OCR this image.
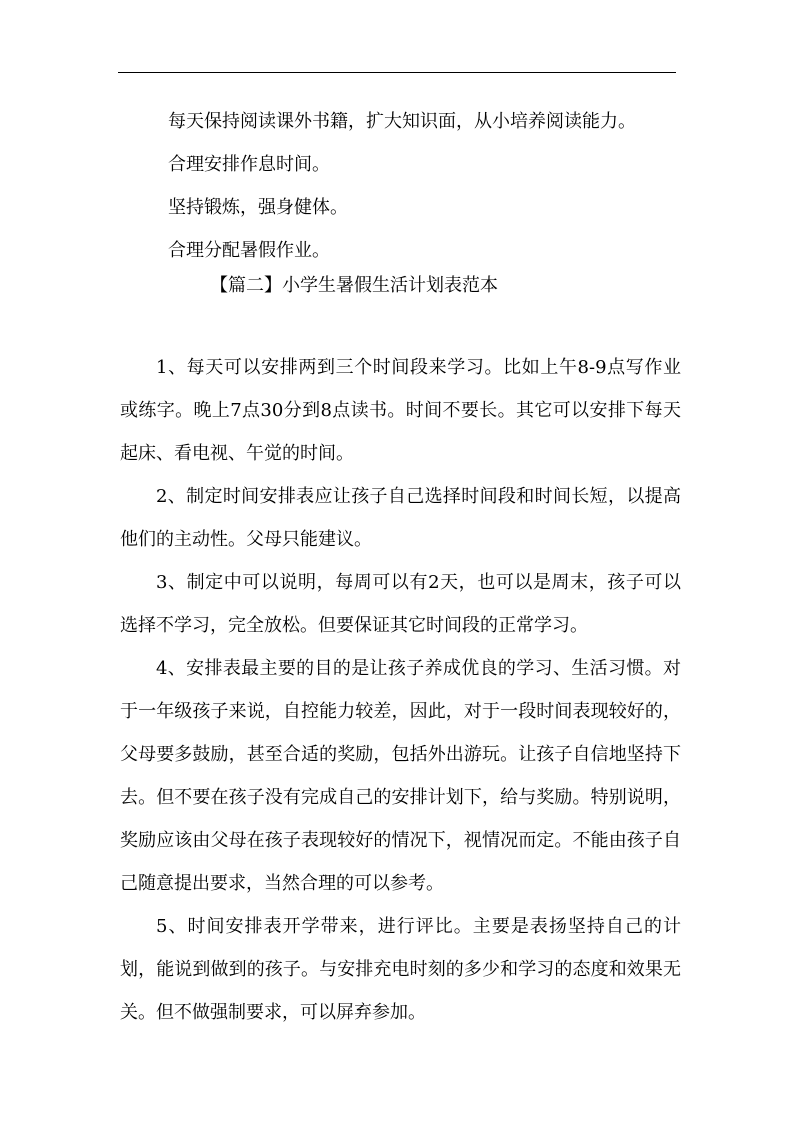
每天保持阅读课外书籍，扩大知识面，从小培养阅读能力。
合理安排作息时间。
坚持锻炼，强身健体。
合理分配暑假作业。
【篇二】小学生暑假生活计划表范本

1、每天可以安排两到三个时间段来学习。比如上午8-9点写作业或练字。晚上7点30分到8点读书。时间不要长。其它可以安排下每天起床、看电视、午觉的时间。

2、制定时间安排表应让孩子自己选择时间段和时间长短，以提高他们的主动性。父母只能建议。

3、制定中可以说明，每周可以有2天，也可以是周末，孩子可以选择不学习，完全放松。但要保证其它时间段的正常学习。

4、安排表最主要的目的是让孩子养成优良的学习、生活习惯。对于一年级孩子来说，自控能力较差，因此，对于一段时间表现较好的，父母要多鼓励，甚至合适的奖励，包括外出游玩。让孩子自信地坚持下去。但不要在孩子没有完成自己的安排计划下，给与奖励。特别说明，奖励应该由父母在孩子表现较好的情况下，视情况而定。不能由孩子自己随意提出要求，当然合理的可以参考。

5、时间安排表开学带来，进行评比。主要是表扬坚持自己的计划，能说到做到的孩子。与安排充电时刻的多少和学习的态度和效果无关。但不做强制要求，可以屏弃参加。
